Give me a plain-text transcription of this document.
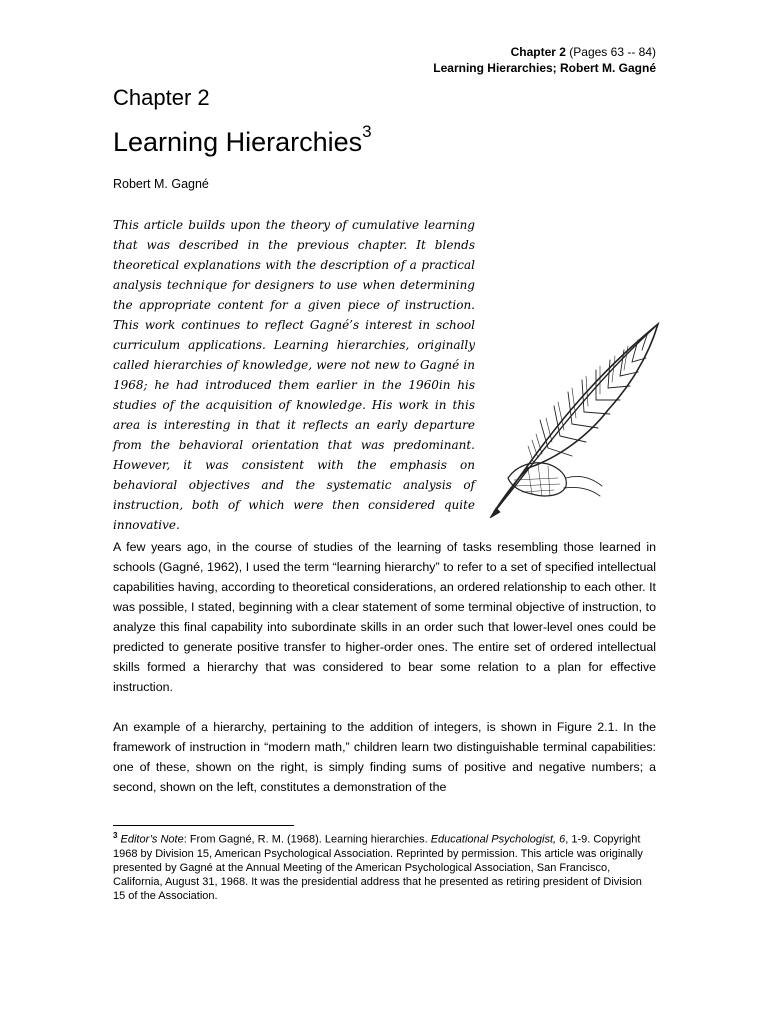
Chapter 2 (Pages 63 -- 84)
Learning Hierarchies; Robert M. Gagné
Chapter 2
Learning Hierarchies$^3$
Robert M. Gagné

This article builds upon the theory of cumulative learning that was described in the previous chapter. It blends theoretical explanations with the description of a practical analysis technique for designers to use when determining the appropriate content for a given piece of instruction. This work continues to reflect Gagné’s interest in school curriculum applications. Learning hierarchies, originally called hierarchies of knowledge, were not new to Gagné in 1968; he had introduced them earlier in the 1960in his studies of the acquisition of knowledge. His work in this area is interesting in that it reflects an early departure from the behavioral orientation that was predominant. However, it was consistent with the emphasis on behavioral objectives and the systematic analysis of instruction, both of which were then considered quite innovative.

A few years ago, in the course of studies of the learning of tasks resembling those learned in schools (Gagné, 1962), I used the term “learning hierarchy” to refer to a set of specified intellectual capabilities having, according to theoretical considerations, an ordered relationship to each other. It was possible, I stated, beginning with a clear statement of some terminal objective of instruction, to analyze this final capability into subordinate skills in an order such that lower-level ones could be predicted to generate positive transfer to higher-order ones. The entire set of ordered intellectual skills formed a hierarchy that was considered to bear some relation to a plan for effective instruction.

An example of a hierarchy, pertaining to the addition of integers, is shown in Figure 2.1. In the framework of instruction in “modern math,” children learn two distinguishable terminal capabilities: one of these, shown on the right, is simply finding sums of positive and negative numbers; a second, shown on the left, constitutes a demonstration of the

$^3$ Editor’s Note: From Gagné, R. M. (1968). Learning hierarchies. Educational Psychologist, 6, 1-9. Copyright 1968 by Division 15, American Psychological Association. Reprinted by permission. This article was originally presented by Gagné at the Annual Meeting of the American Psychological Association, San Francisco, California, August 31, 1968. It was the presidential address that he presented as retiring president of Division 15 of the Association.
